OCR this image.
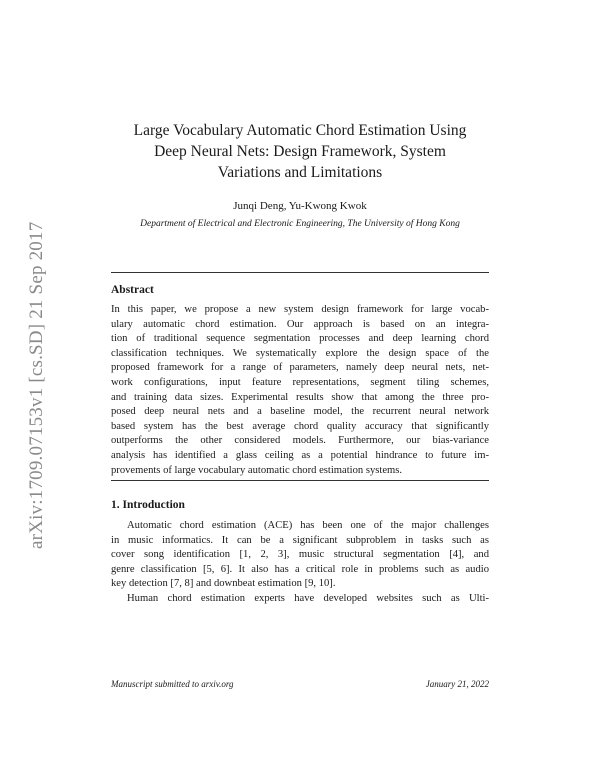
arXiv:1709.07153v1 [cs.SD] 21 Sep 2017
Large Vocabulary Automatic Chord Estimation Using
Deep Neural Nets: Design Framework, System
Variations and Limitations
Junqi Deng, Yu-Kwong Kwok
Department of Electrical and Electronic Engineering, The University of Hong Kong
Abstract
In this paper, we propose a new system design framework for large vocab-
ulary automatic chord estimation. Our approach is based on an integra-
tion of traditional sequence segmentation processes and deep learning chord
classification techniques. We systematically explore the design space of the
proposed framework for a range of parameters, namely deep neural nets, net-
work configurations, input feature representations, segment tiling schemes,
and training data sizes. Experimental results show that among the three pro-
posed deep neural nets and a baseline model, the recurrent neural network
based system has the best average chord quality accuracy that significantly
outperforms the other considered models. Furthermore, our bias-variance
analysis has identified a glass ceiling as a potential hindrance to future im-
provements of large vocabulary automatic chord estimation systems.
1. Introduction
Automatic chord estimation (ACE) has been one of the major challenges
in music informatics. It can be a significant subproblem in tasks such as
cover song identification [1, 2, 3], music structural segmentation [4], and
genre classification [5, 6]. It also has a critical role in problems such as audio
key detection [7, 8] and downbeat estimation [9, 10].
Human chord estimation experts have developed websites such as Ulti-
Manuscript submitted to arxiv.org	January 21, 2022
